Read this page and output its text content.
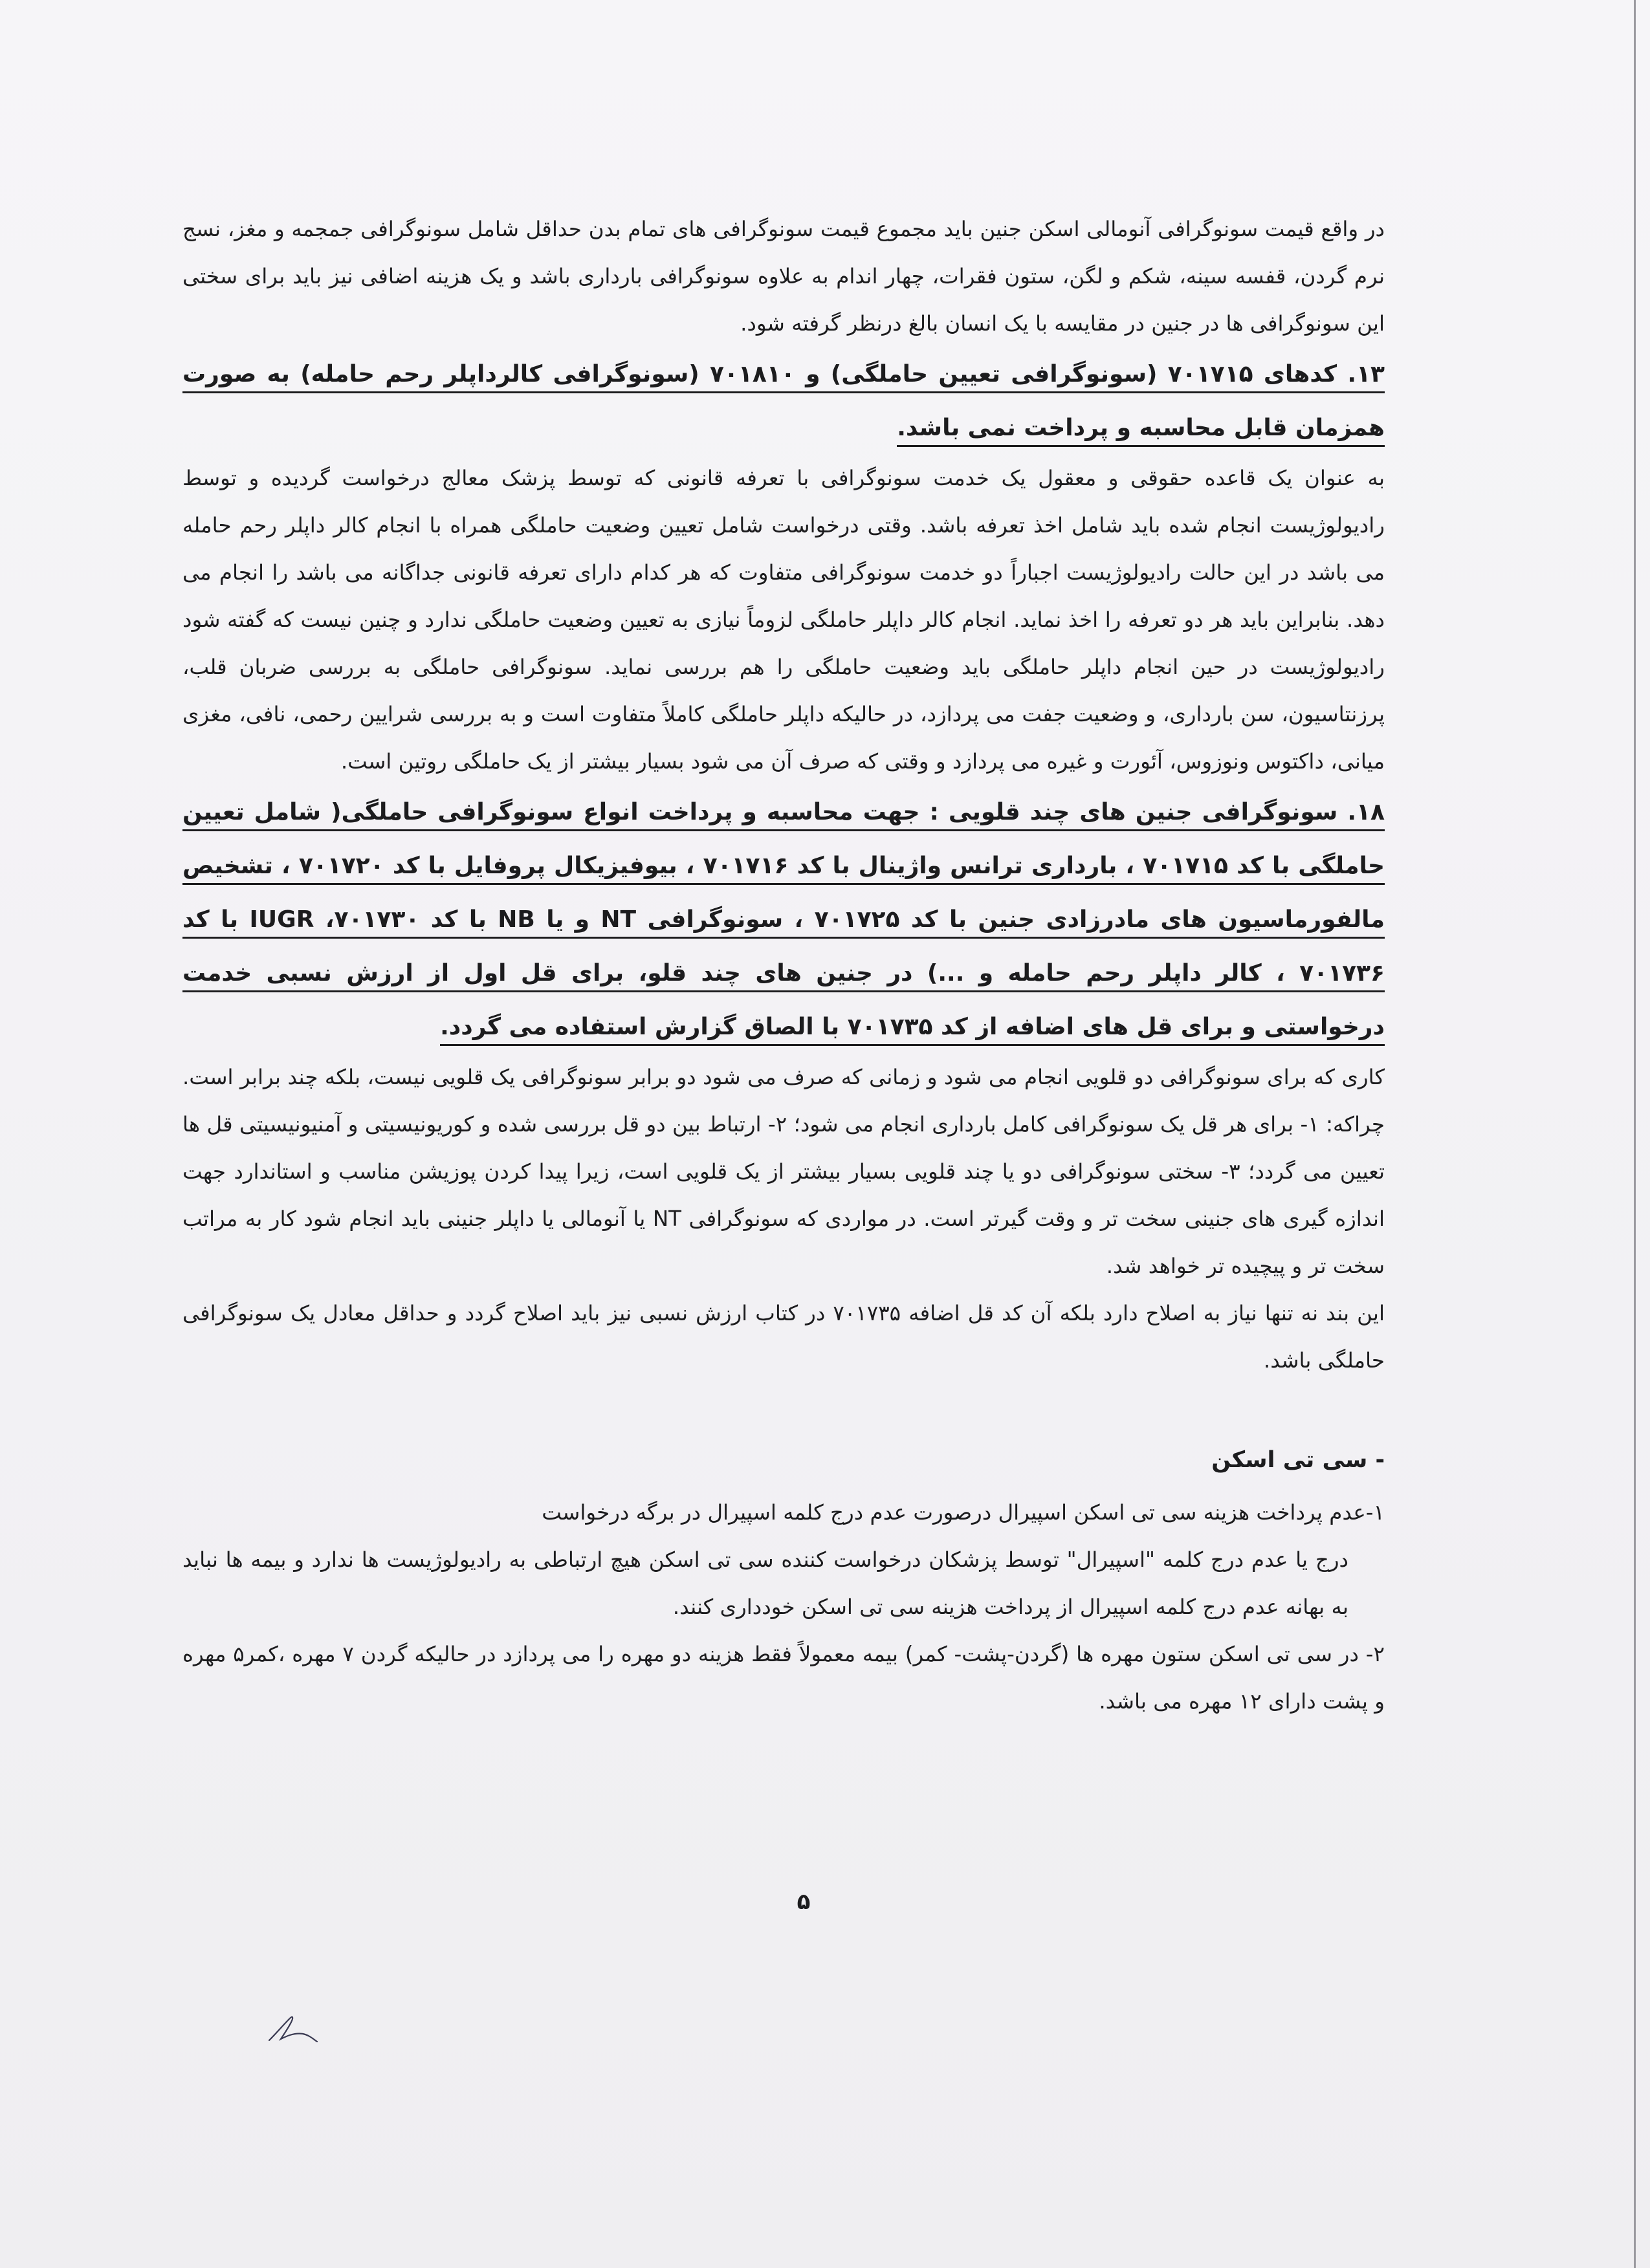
در واقع قیمت سونوگرافی آنومالی اسکن جنین باید مجموع قیمت سونوگرافی های تمام بدن حداقل شامل سونوگرافی جمجمه و مغز، نسج نرم گردن، قفسه سینه، شکم و لگن، ستون فقرات، چهار اندام به علاوه سونوگرافی بارداری باشد و یک هزینه اضافی نیز باید برای سختی این سونوگرافی ها در جنین در مقایسه با یک انسان بالغ درنظر گرفته شود.

۱۳. کدهای ۷۰۱۷۱۵ (سونوگرافی تعیین حاملگی) و ۷۰۱۸۱۰ (سونوگرافی کالرداپلر رحم حامله) به صورت همزمان قابل محاسبه و پرداخت نمی باشد.

به عنوان یک قاعده حقوقی و معقول یک خدمت سونوگرافی با تعرفه قانونی که توسط پزشک معالج درخواست گردیده و توسط رادیولوژیست انجام شده باید شامل اخذ تعرفه باشد. وقتی درخواست شامل تعیین وضعیت حاملگی همراه با انجام کالر داپلر رحم حامله می باشد در این حالت رادیولوژیست اجباراً دو خدمت سونوگرافی متفاوت که هر کدام دارای تعرفه قانونی جداگانه می باشد را انجام می دهد. بنابراین باید هر دو تعرفه را اخذ نماید. انجام کالر داپلر حاملگی لزوماً نیازی به تعیین وضعیت حاملگی ندارد و چنین نیست که گفته شود رادیولوژیست در حین انجام داپلر حاملگی باید وضعیت حاملگی را هم بررسی نماید. سونوگرافی حاملگی به بررسی ضربان قلب، پرزنتاسیون، سن بارداری، و وضعیت جفت می پردازد، در حالیکه داپلر حاملگی کاملاً متفاوت است و به بررسی شرایین رحمی، نافی، مغزی میانی، داکتوس ونوزوس، آئورت و غیره می پردازد و وقتی که صرف آن می شود بسیار بیشتر از یک حاملگی روتین است.

۱۸. سونوگرافی جنین های چند قلویی : جهت محاسبه و پرداخت انواع سونوگرافی حاملگی( شامل تعیین حاملگی با کد ۷۰۱۷۱۵ ، بارداری ترانس واژینال با کد ۷۰۱۷۱۶ ، بیوفیزیکال پروفایل با کد ۷۰۱۷۲۰ ، تشخیص مالفورماسیون های مادرزادی جنین با کد ۷۰۱۷۲۵ ، سونوگرافی NT و یا NB با کد ۷۰۱۷۳۰، IUGR با کد ۷۰۱۷۳۶ ، کالر داپلر رحم حامله و ...) در جنین های چند قلو، برای قل اول از ارزش نسبی خدمت درخواستی و برای قل های اضافه از کد ۷۰۱۷۳۵ با الصاق گزارش استفاده می گردد.

کاری که برای سونوگرافی دو قلویی انجام می شود و زمانی که صرف می شود دو برابر سونوگرافی یک قلویی نیست، بلکه چند برابر است. چراکه: ۱- برای هر قل یک سونوگرافی کامل بارداری انجام می شود؛ ۲- ارتباط بین دو قل بررسی شده و کوریونیسیتی و آمنیونیسیتی قل ها تعیین می گردد؛ ۳- سختی سونوگرافی دو یا چند قلویی بسیار بیشتر از یک قلویی است، زیرا پیدا کردن پوزیشن مناسب و استاندارد جهت اندازه گیری های جنینی سخت تر و وقت گیرتر است. در مواردی که سونوگرافی NT یا آنومالی یا داپلر جنینی باید انجام شود کار به مراتب سخت تر و پیچیده تر خواهد شد.

این بند نه تنها نیاز به اصلاح دارد بلکه آن کد قل اضافه ۷۰۱۷۳۵ در کتاب ارزش نسبی نیز باید اصلاح گردد و حداقل معادل یک سونوگرافی حاملگی باشد.

- سی تی اسکن

۱-عدم پرداخت هزینه سی تی اسکن اسپیرال درصورت عدم درج کلمه اسپیرال در برگه درخواست

درج یا عدم درج کلمه "اسپیرال" توسط پزشکان درخواست کننده سی تی اسکن هیچ ارتباطی به رادیولوژیست ها ندارد و بیمه ها نباید به بهانه عدم درج کلمه اسپیرال از پرداخت هزینه سی تی اسکن خودداری کنند.

۲- در سی تی اسکن ستون مهره ها (گردن-پشت- کمر) بیمه معمولاً فقط هزینه دو مهره را می پردازد در حالیکه گردن ۷ مهره ،کمر۵ مهره و پشت دارای ۱۲ مهره می باشد.

۵
